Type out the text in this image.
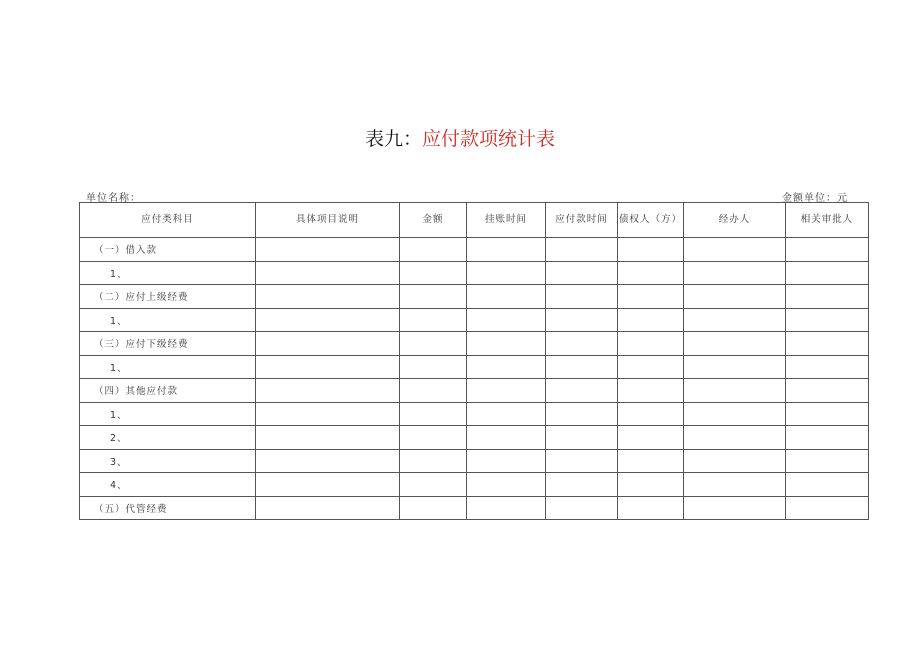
表九：应付款项统计表
单位名称：	金额单位：元
应付类科目	具体项目说明	金额	挂账时间	应付款时间	债权人（方）	经办人	相关审批人
（一）借入款							
1、							
（二）应付上级经费							
1、							
（三）应付下级经费							
1、							
（四）其他应付款							
1、							
2、							
3、							
4、							
（五）代管经费							
